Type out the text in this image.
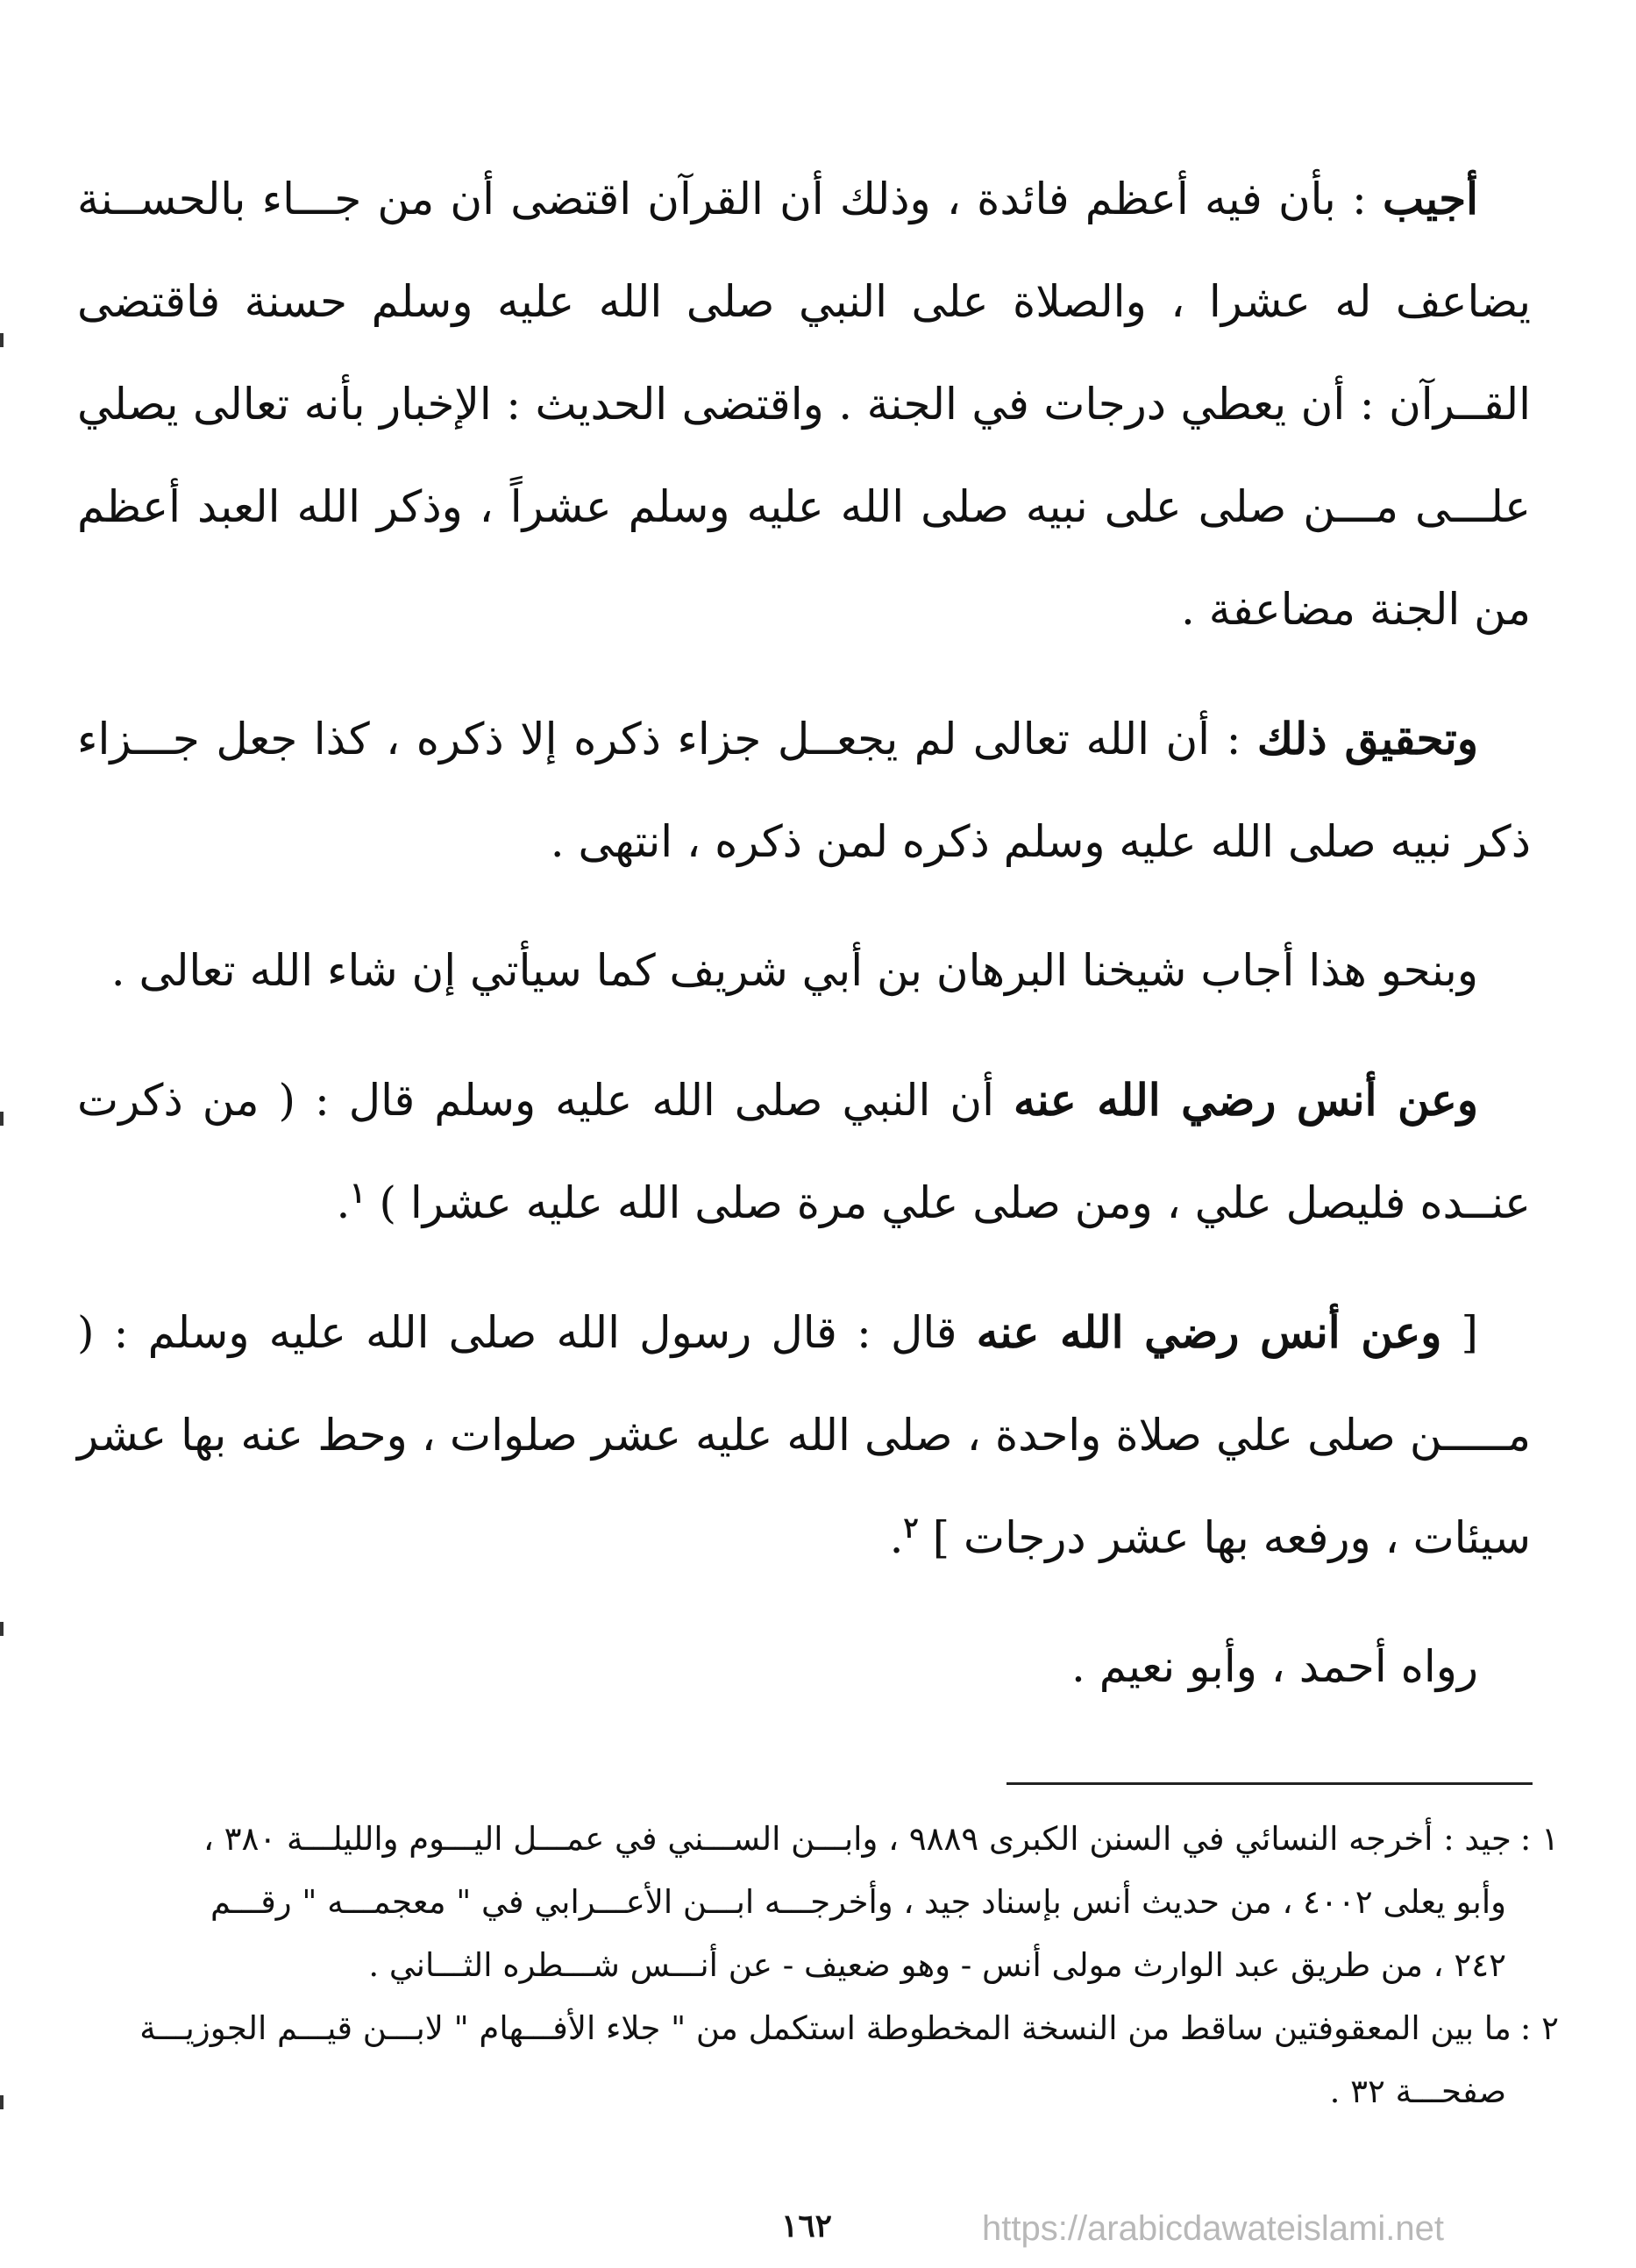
أجيب : بأن فيه أعظم فائدة ، وذلك أن القرآن اقتضى أن من جـــاء بالحســنة يضاعف له عشرا ، والصلاة على النبي صلى الله عليه وسلم حسنة فاقتضى القــرآن : أن يعطي درجات في الجنة . واقتضى الحديث : الإخبار بأنه تعالى يصلي علـــى مـــن صلى على نبيه صلى الله عليه وسلم عشراً ، وذكر الله العبد أعظم من الجنة مضاعفة .

وتحقيق ذلك : أن الله تعالى لم يجعــل جزاء ذكره إلا ذكره ، كذا جعل جـــزاء ذكر نبيه صلى الله عليه وسلم ذكره لمن ذكره ، انتهى .

وبنحو هذا أجاب شيخنا البرهان بن أبي شريف كما سيأتي إن شاء الله تعالى .

وعن أنس رضي الله عنه أن النبي صلى الله عليه وسلم قال : ( من ذكرت عنــده فليصل علي ، ومن صلى علي مرة صلى الله عليه عشرا ) $^١$.

[ وعن أنس رضي الله عنه قال : قال رسول الله صلى الله عليه وسلم : ( مـــــن صلى علي صلاة واحدة ، صلى الله عليه عشر صلوات ، وحط عنه بها عشر سيئات ، ورفعه بها عشر درجات ] $^٢$.

رواه أحمد ، وأبو نعيم .

١ :جيد : أخرجه النسائي في السنن الكبرى ٩٨٨٩ ، وابـــن الســـني في عمـــل اليـــوم والليلـــة ٣٨٠ ،
وأبو يعلى ٤٠٠٢ ، من حديث أنس بإسناد جيد ، وأخرجـــه ابـــن الأعـــرابي في " معجمـــه " رقـــم
٢٤٢ ، من طريق عبد الوارث مولى أنس - وهو ضعيف - عن أنـــس شـــطره الثـــاني .
٢ :ما بين المعقوفتين ساقط من النسخة المخطوطة استكمل من " جلاء الأفـــهام " لابـــن قيـــم الجوزيـــة
صفحـــة ٣٢ .
١٦٢	https://arabicdawateislami.net
